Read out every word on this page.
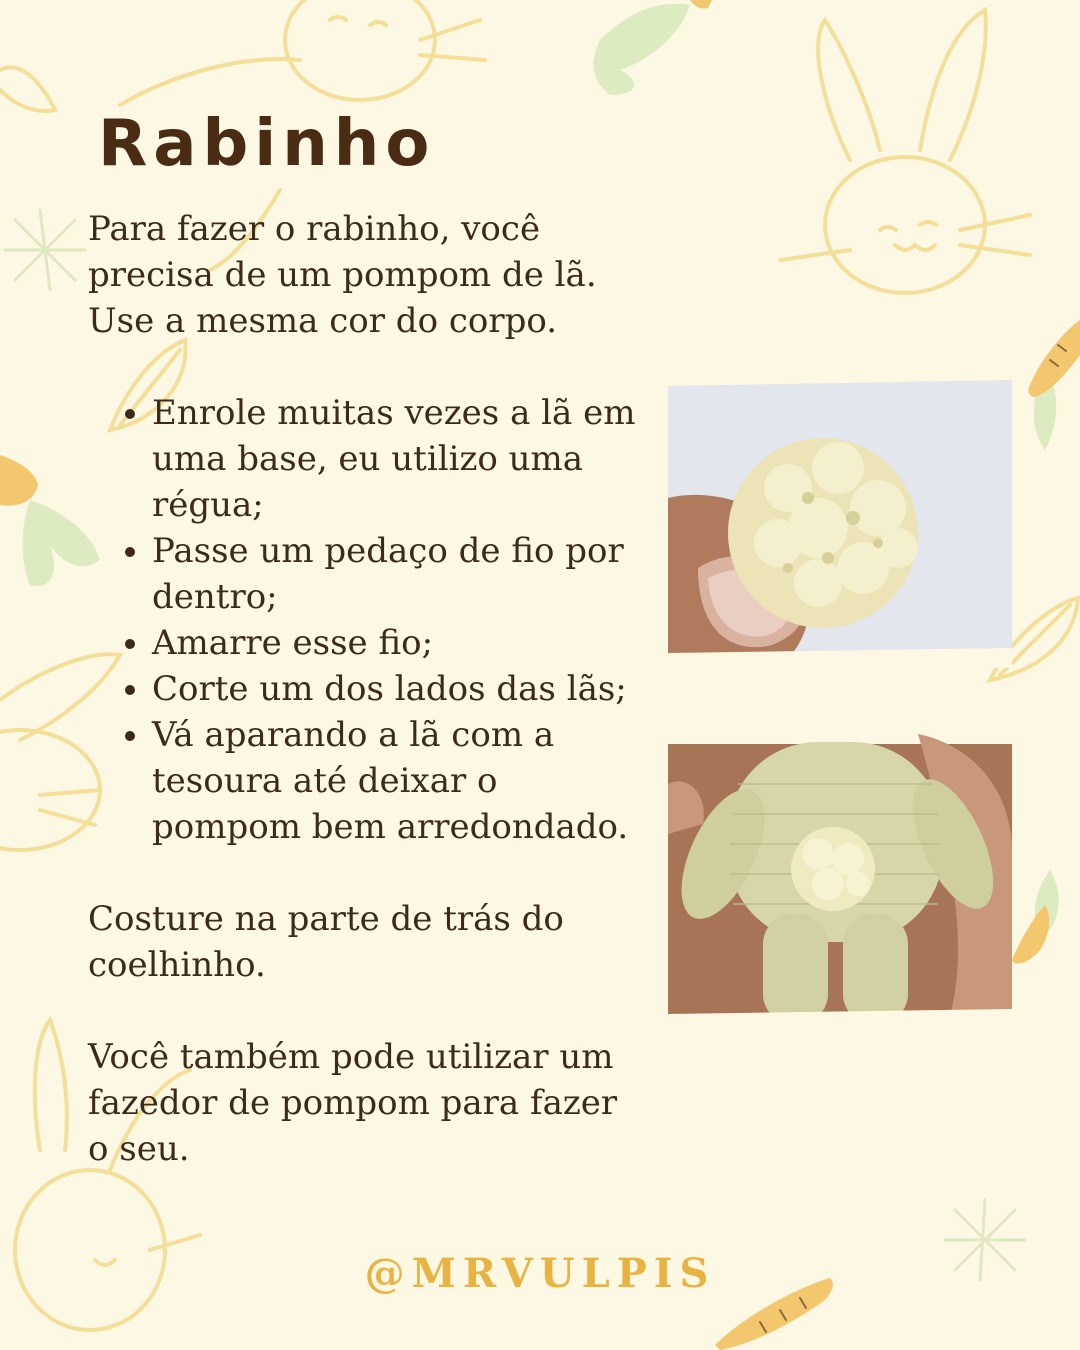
Rabinho

Para fazer o rabinho, você
precisa de um pompom de lã.
Use a mesma cor do corpo.

• Enrole muitas vezes a lã em uma base, eu utilizo uma régua;
• Passe um pedaço de fio por dentro;
• Amarre esse fio;
• Corte um dos lados das lãs;
• Vá aparando a lã com a tesoura até deixar o pompom bem arredondado.

Costure na parte de trás do
coelhinho.

Você também pode utilizar um
fazedor de pompom para fazer
o seu.

@MRVULPIS
